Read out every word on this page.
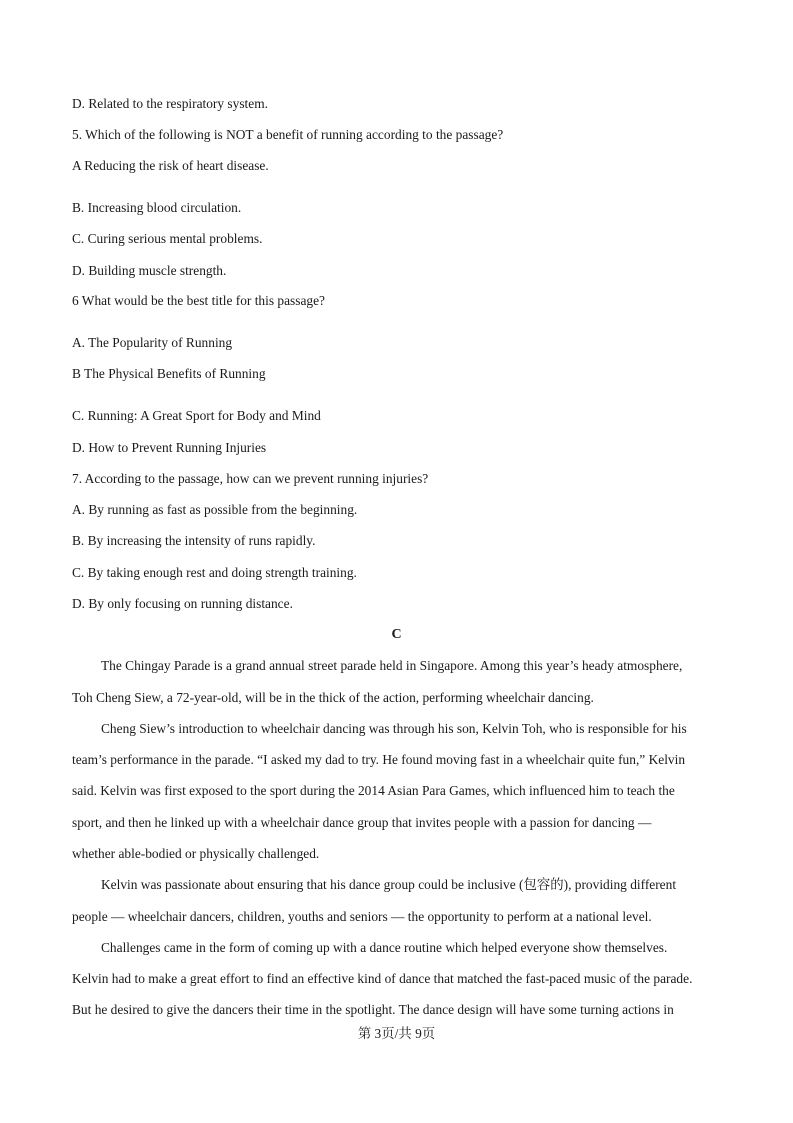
D. Related to the respiratory system.
5. Which of the following is NOT a benefit of running according to the passage?
A Reducing the risk of heart disease.
B. Increasing blood circulation.
C. Curing serious mental problems.
D. Building muscle strength.
6 What would be the best title for this passage?
A. The Popularity of Running
B The Physical Benefits of Running
C. Running: A Great Sport for Body and Mind
D. How to Prevent Running Injuries
7. According to the passage, how can we prevent running injuries?
A. By running as fast as possible from the beginning.
B. By increasing the intensity of runs rapidly.
C. By taking enough rest and doing strength training.
D. By only focusing on running distance.
C
The Chingay Parade is a grand annual street parade held in Singapore. Among this year’s heady atmosphere,
Toh Cheng Siew, a 72-year-old, will be in the thick of the action, performing wheelchair dancing.
Cheng Siew’s introduction to wheelchair dancing was through his son, Kelvin Toh, who is responsible for his
team’s performance in the parade. “I asked my dad to try. He found moving fast in a wheelchair quite fun,” Kelvin
said. Kelvin was first exposed to the sport during the 2014 Asian Para Games, which influenced him to teach the
sport, and then he linked up with a wheelchair dance group that invites people with a passion for dancing —
whether able-bodied or physically challenged.
Kelvin was passionate about ensuring that his dance group could be inclusive (包容的), providing different
people — wheelchair dancers, children, youths and seniors — the opportunity to perform at a national level.
Challenges came in the form of coming up with a dance routine which helped everyone show themselves.
Kelvin had to make a great effort to find an effective kind of dance that matched the fast-paced music of the parade.
But he desired to give the dancers their time in the spotlight. The dance design will have some turning actions in
第 3页/共 9页
